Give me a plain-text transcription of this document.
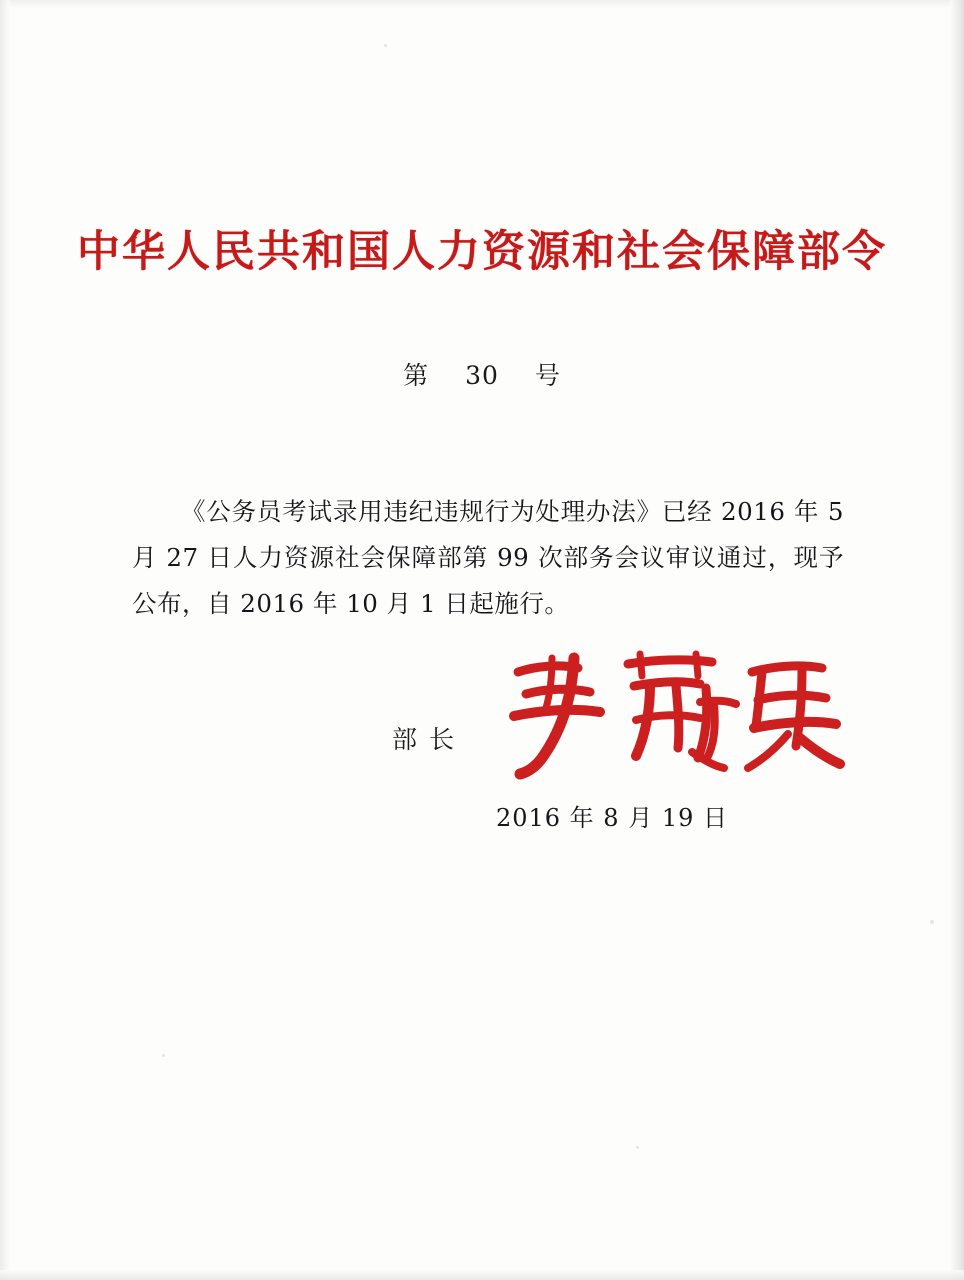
中华人民共和国人力资源和社会保障部令
第 30 号

《公务员考试录用违纪违规行为处理办法》已经 2016 年 5 月 27 日人力资源社会保障部第 99 次部务会议审议通过，现予公布，自 2016 年 10 月 1 日起施行。

部长
2016 年 8 月 19 日
